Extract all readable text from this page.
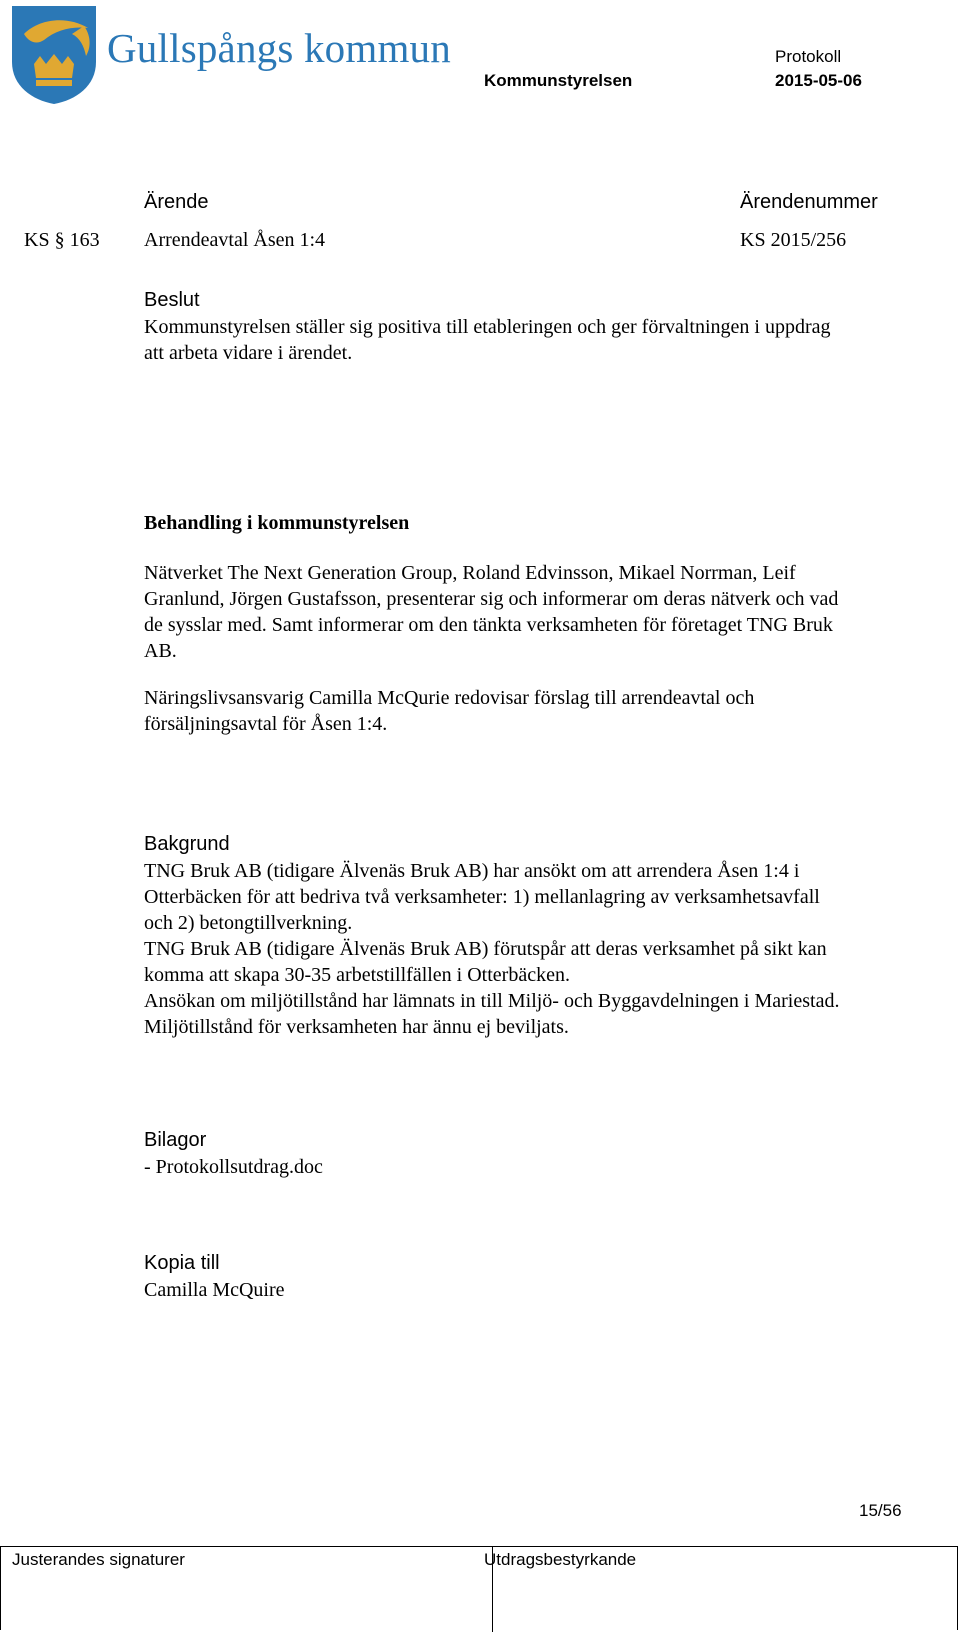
Gullspångs kommun	Protokoll
Kommunstyrelsen	2015-05-06
Ärende	Ärendenummer
KS § 163 Arrendeavtal Åsen 1:4	KS 2015/256
Beslut

Kommunstyrelsen ställer sig positiva till etableringen och ger förvaltningen i uppdrag

att arbeta vidare i ärendet.

Behandling i kommunstyrelsen

Nätverket The Next Generation Group, Roland Edvinsson, Mikael Norrman, Leif

Granlund, Jörgen Gustafsson, presenterar sig och informerar om deras nätverk och vad

de sysslar med. Samt informerar om den tänkta verksamheten för företaget TNG Bruk

AB.

Näringslivsansvarig Camilla McQurie redovisar förslag till arrendeavtal och

försäljningsavtal för Åsen 1:4.

Bakgrund

TNG Bruk AB (tidigare Älvenäs Bruk AB) har ansökt om att arrendera Åsen 1:4 i

Otterbäcken för att bedriva två verksamheter: 1) mellanlagring av verksamhetsavfall

och 2) betongtillverkning.

TNG Bruk AB (tidigare Älvenäs Bruk AB) förutspår att deras verksamhet på sikt kan

komma att skapa 30-35 arbetstillfällen i Otterbäcken.

Ansökan om miljötillstånd har lämnats in till Miljö- och Byggavdelningen i Mariestad.

Miljötillstånd för verksamheten har ännu ej beviljats.

Bilagor
- Protokollsutdrag.doc
Kopia till
Camilla McQuire
15/56
Justerandes signaturer	Utdragsbestyrkande
